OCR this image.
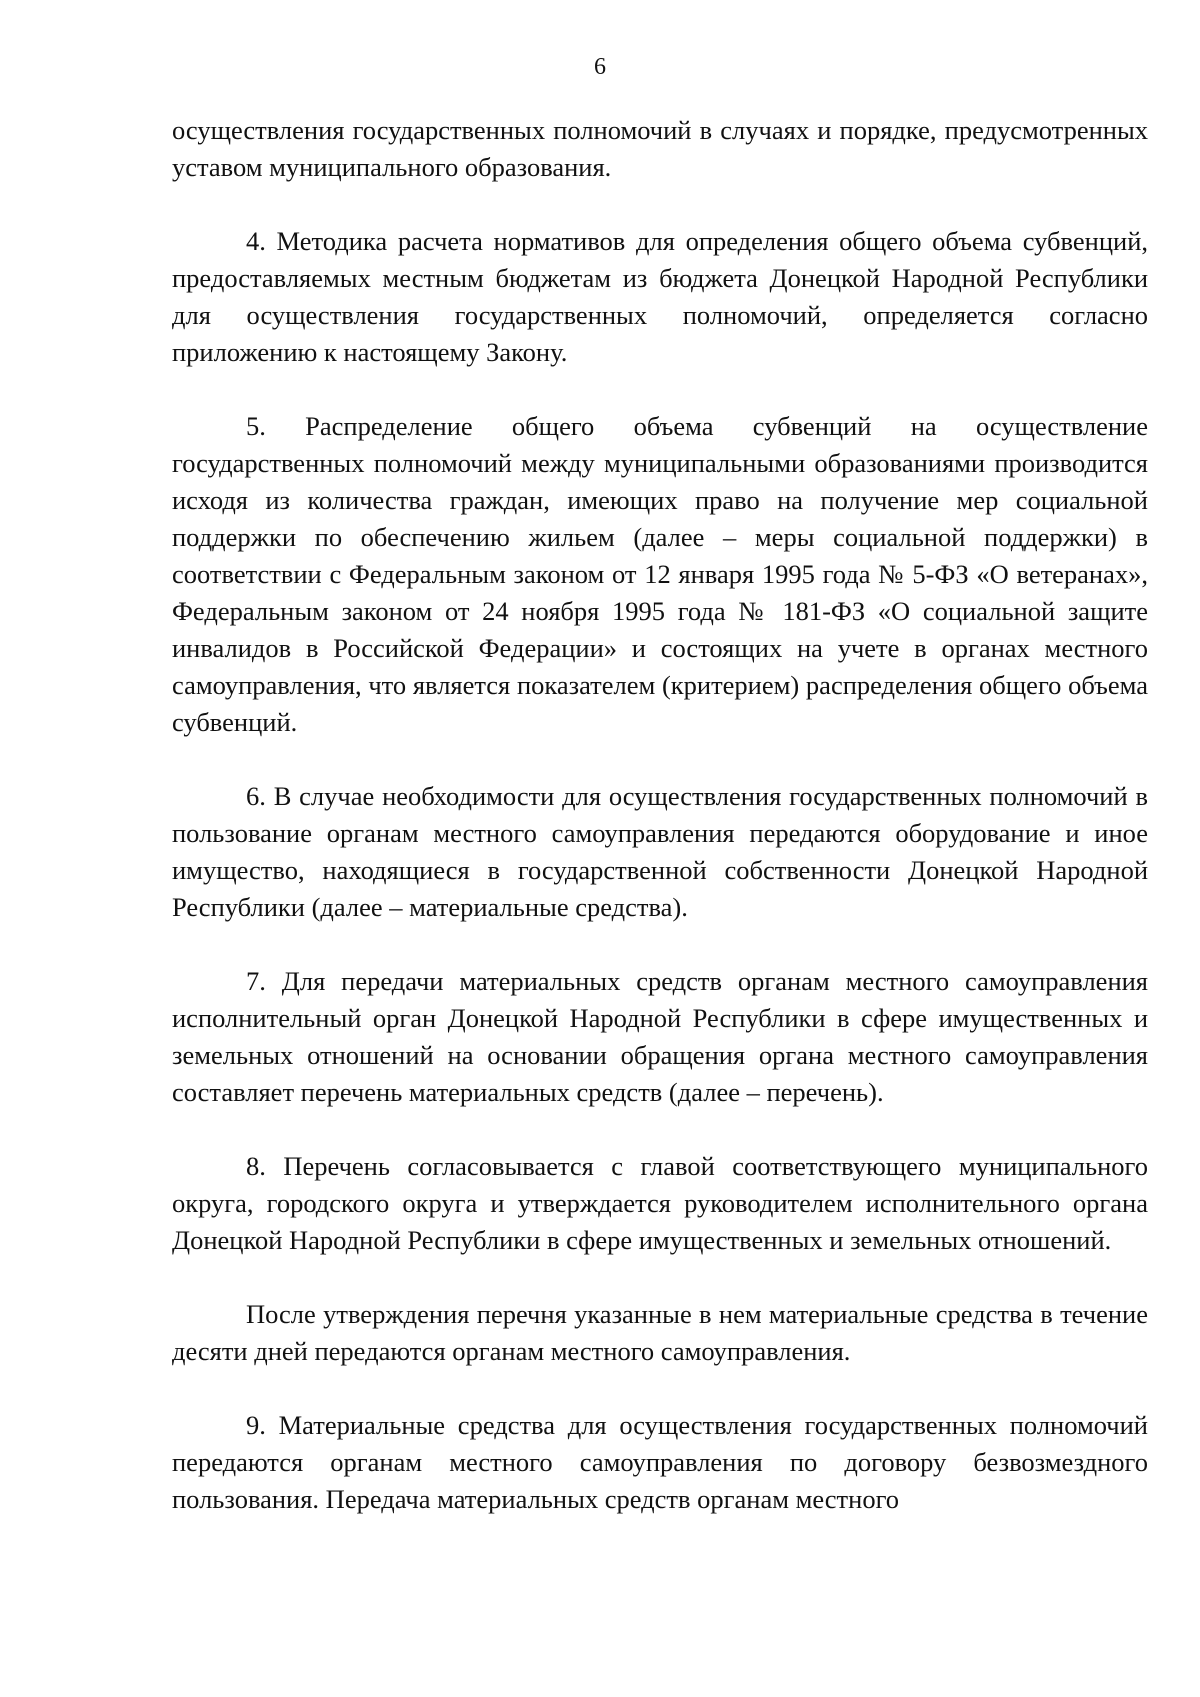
6

осуществления государственных полномочий в случаях и порядке, предусмотренных уставом муниципального образования.

4. Методика расчета нормативов для определения общего объема субвенций, предоставляемых местным бюджетам из бюджета Донецкой Народной Республики для осуществления государственных полномочий, определяется согласно приложению к настоящему Закону.

5. Распределение общего объема субвенций на осуществление государственных полномочий между муниципальными образованиями производится исходя из количества граждан, имеющих право на получение мер социальной поддержки по обеспечению жильем (далее – меры социальной поддержки) в соответствии с Федеральным законом от 12 января 1995 года № 5-ФЗ «О ветеранах», Федеральным законом от 24 ноября 1995 года № 181-ФЗ «О социальной защите инвалидов в Российской Федерации» и состоящих на учете в органах местного самоуправления, что является показателем (критерием) распределения общего объема субвенций.

6. В случае необходимости для осуществления государственных полномочий в пользование органам местного самоуправления передаются оборудование и иное имущество, находящиеся в государственной собственности Донецкой Народной Республики (далее – материальные средства).

7. Для передачи материальных средств органам местного самоуправления исполнительный орган Донецкой Народной Республики в сфере имущественных и земельных отношений на основании обращения органа местного самоуправления составляет перечень материальных средств (далее – перечень).

8. Перечень согласовывается с главой соответствующего муниципального округа, городского округа и утверждается руководителем исполнительного органа Донецкой Народной Республики в сфере имущественных и земельных отношений.

После утверждения перечня указанные в нем материальные средства в течение десяти дней передаются органам местного самоуправления.

9. Материальные средства для осуществления государственных полномочий передаются органам местного самоуправления по договору безвозмездного пользования. Передача материальных средств органам местного
